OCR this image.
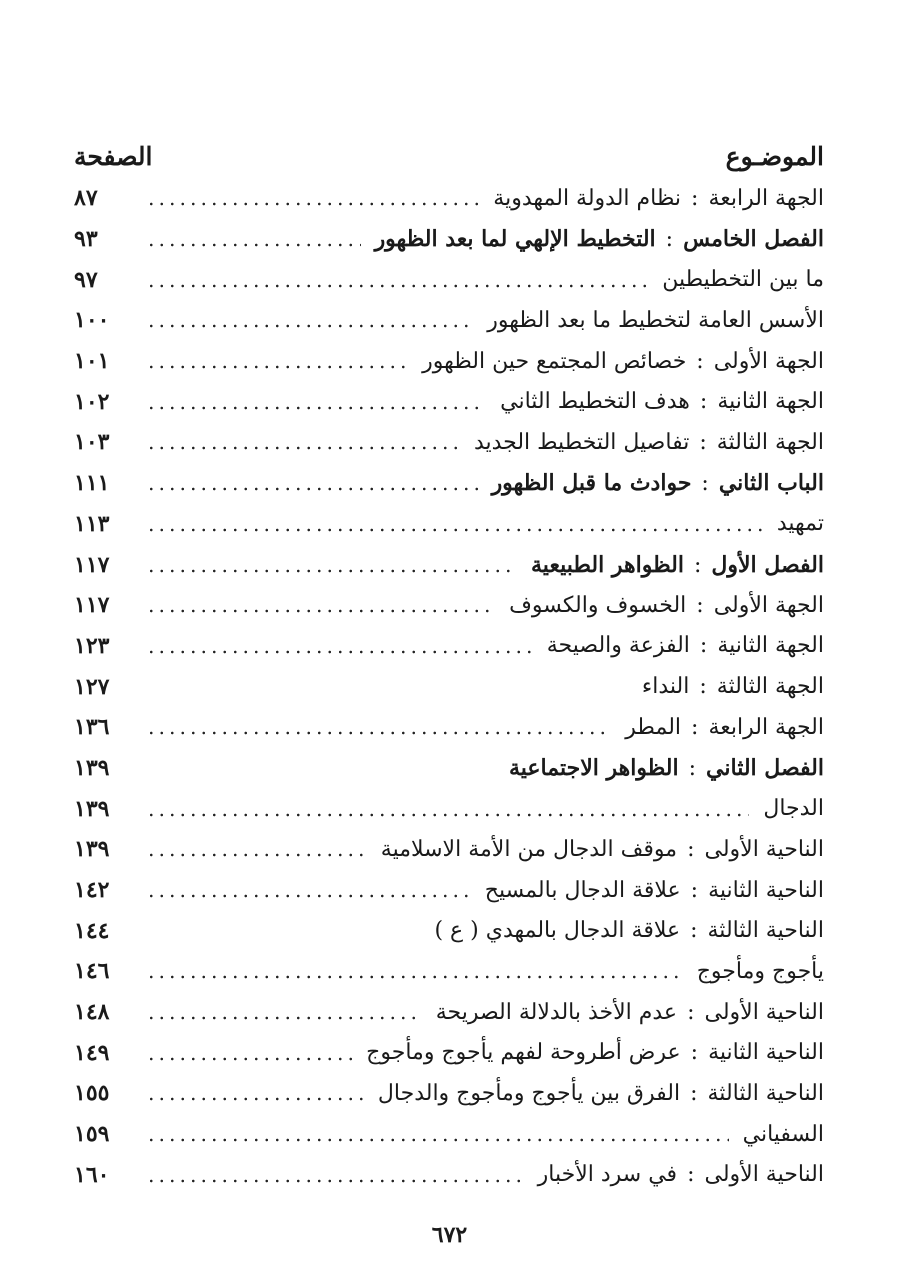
الموضـوع
الصفحة
الجهة الرابعة:نظام الدولة المهدوية
٨٧
الفصل الخامس:التخطيط الإلهي لما بعد الظهور
٩٣
ما بين التخطيطين
٩٧
الأسس العامة لتخطيط ما بعد الظهور
١٠٠
الجهة الأولى:خصائص المجتمع حين الظهور
١٠١
الجهة الثانية:هدف التخطيط الثاني
١٠٢
الجهة الثالثة:تفاصيل التخطيط الجديد
١٠٣
الباب الثاني:حوادث ما قبل الظهور
١١١
تمهيد
١١٣
الفصل الأول:الظواهر الطبيعية
١١٧
الجهة الأولى:الخسوف والكسوف
١١٧
الجهة الثانية:الفزعة والصيحة
١٢٣
الجهة الثالثة:النداء
١٢٧
الجهة الرابعة:المطر
١٣٦
الفصل الثاني:الظواهر الاجتماعية
١٣٩
الدجال
١٣٩
الناحية الأولى:موقف الدجال من الأمة الاسلامية
١٣٩
الناحية الثانية:علاقة الدجال بالمسيح
١٤٢
الناحية الثالثة:علاقة الدجال بالمهدي ( ع )
١٤٤
يأجوج ومأجوج
١٤٦
الناحية الأولى:عدم الأخذ بالدلالة الصريحة
١٤٨
الناحية الثانية:عرض أطروحة لفهم يأجوج ومأجوج
١٤٩
الناحية الثالثة:الفرق بين يأجوج ومأجوج والدجال
١٥٥
السفياني
١٥٩
الناحية الأولى:في سرد الأخبار
١٦٠
٦٧٢
